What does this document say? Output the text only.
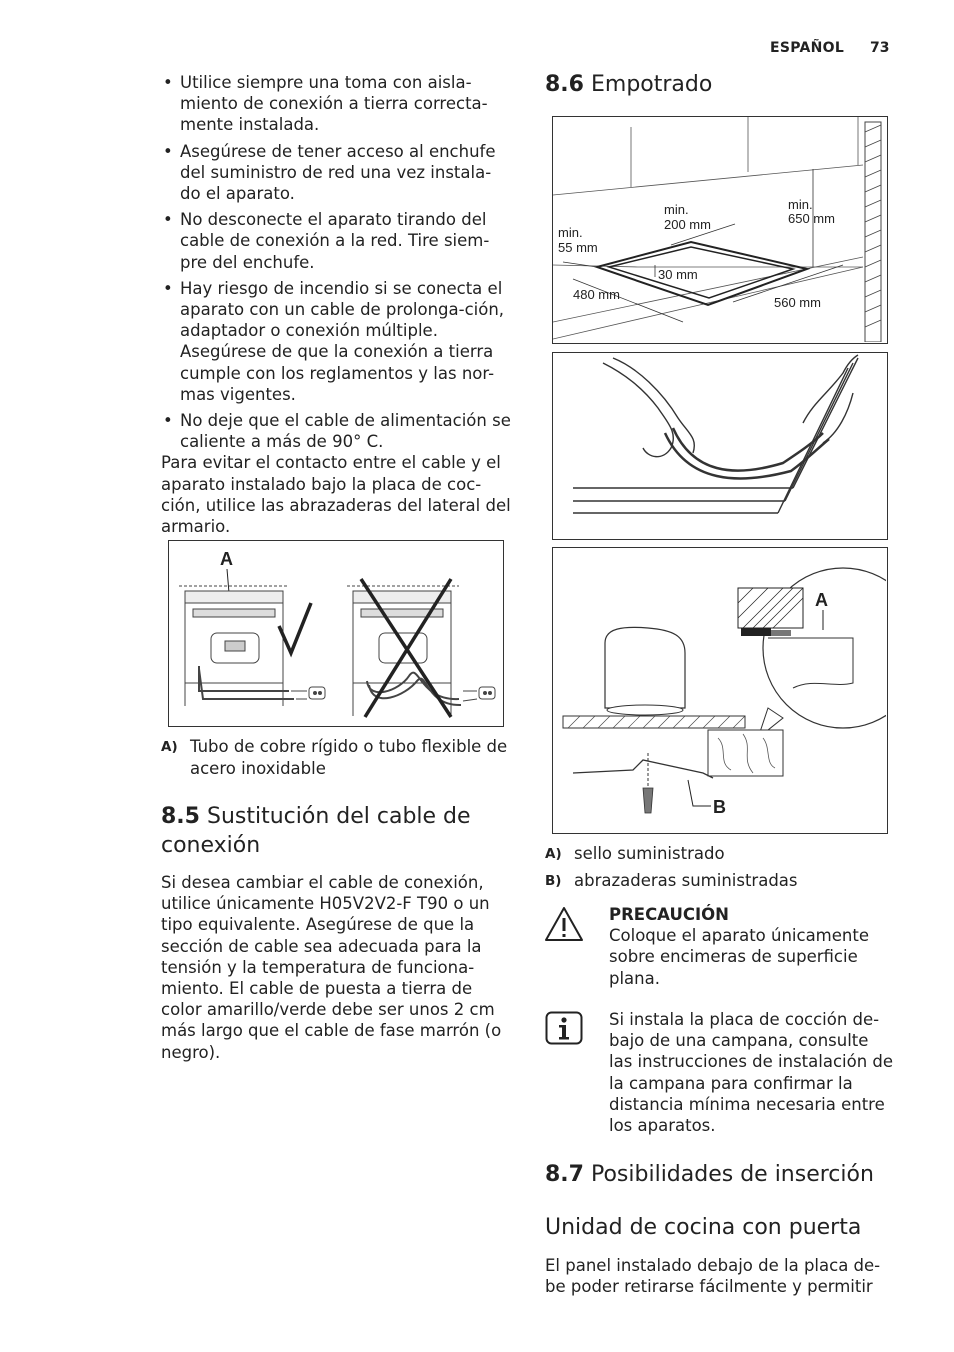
ESPAÑOL 73
• Utilice siempre una toma con aisla-miento de conexión a tierra correcta-mente instalada.
• Asegúrese de tener acceso al enchufe del suministro de red una vez instala-do el aparato.
• No desconecte el aparato tirando del cable de conexión a la red. Tire siem-pre del enchufe.
• Hay riesgo de incendio si se conecta el aparato con un cable de prolonga-ción, adaptador o conexión múltiple. Asegúrese de que la conexión a tierra cumple con los reglamentos y las nor-mas vigentes.
• No deje que el cable de alimentación se caliente a más de 90° C.
Para evitar el contacto entre el cable y el aparato instalado bajo la placa de coc-ción, utilice las abrazaderas del lateral del armario.
A
A) Tubo de cobre rígido o tubo flexible de acero inoxidable
8.5 Sustitución del cable de conexión
Si desea cambiar el cable de conexión, utilice únicamente H05V2V2-F T90 o un tipo equivalente. Asegúrese de que la sección de cable sea adecuada para la tensión y la temperatura de funciona-miento. El cable de puesta a tierra de color amarillo/verde debe ser unos 2 cm más largo que el cable de fase marrón (o negro).
8.6 Empotrado
min.
55 mm
min.
200 mm
min.
650 mm
30 mm
480 mm
560 mm
A
B
A) sello suministrado
B) abrazaderas suministradas
PRECAUCIÓN
Coloque el aparato únicamente sobre encimeras de superficie plana.
Si instala la placa de cocción de-bajo de una campana, consulte las instrucciones de instalación de la campana para confirmar la distancia mínima necesaria entre los aparatos.
8.7 Posibilidades de inserción
Unidad de cocina con puerta
El panel instalado debajo de la placa de-be poder retirarse fácilmente y permitir
